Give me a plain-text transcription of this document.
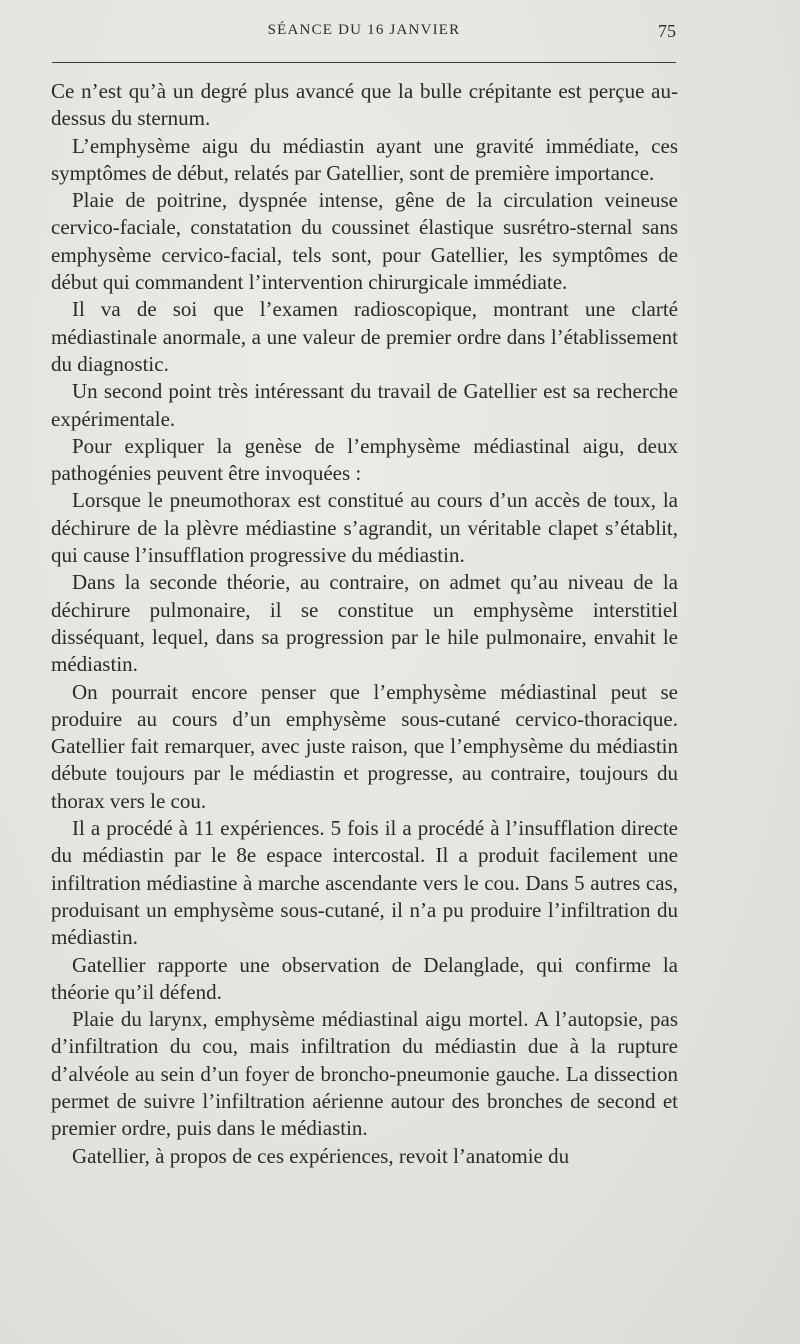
SÉANCE DU 16 JANVIER	75

Ce n’est qu’à un degré plus avancé que la bulle crépitante est perçue au-dessus du sternum.

L’emphysème aigu du médiastin ayant une gravité immédiate, ces symptômes de début, relatés par Gatellier, sont de première importance.

Plaie de poitrine, dyspnée intense, gêne de la circulation veineuse cervico-faciale, constatation du coussinet élastique susrétro-sternal sans emphysème cervico-facial, tels sont, pour Gatellier, les symptômes de début qui commandent l’intervention chirurgicale immédiate.

Il va de soi que l’examen radioscopique, montrant une clarté médiastinale anormale, a une valeur de premier ordre dans l’établissement du diagnostic.

Un second point très intéressant du travail de Gatellier est sa recherche expérimentale.

Pour expliquer la genèse de l’emphysème médiastinal aigu, deux pathogénies peuvent être invoquées :

Lorsque le pneumothorax est constitué au cours d’un accès de toux, la déchirure de la plèvre médiastine s’agrandit, un véritable clapet s’établit, qui cause l’insufflation progressive du médiastin.

Dans la seconde théorie, au contraire, on admet qu’au niveau de la déchirure pulmonaire, il se constitue un emphysème interstitiel disséquant, lequel, dans sa progression par le hile pulmonaire, envahit le médiastin.

On pourrait encore penser que l’emphysème médiastinal peut se produire au cours d’un emphysème sous-cutané cervico-thoracique. Gatellier fait remarquer, avec juste raison, que l’emphysème du médiastin débute toujours par le médiastin et progresse, au contraire, toujours du thorax vers le cou.

Il a procédé à 11 expériences. 5 fois il a procédé à l’insufflation directe du médiastin par le 8e espace intercostal. Il a produit facilement une infiltration médiastine à marche ascendante vers le cou. Dans 5 autres cas, produisant un emphysème sous-cutané, il n’a pu produire l’infiltration du médiastin.

Gatellier rapporte une observation de Delanglade, qui confirme la théorie qu’il défend.

Plaie du larynx, emphysème médiastinal aigu mortel. A l’autopsie, pas d’infiltration du cou, mais infiltration du médiastin due à la rupture d’alvéole au sein d’un foyer de broncho-pneumonie gauche. La dissection permet de suivre l’infiltration aérienne autour des bronches de second et premier ordre, puis dans le médiastin.

Gatellier, à propos de ces expériences, revoit l’anatomie du
